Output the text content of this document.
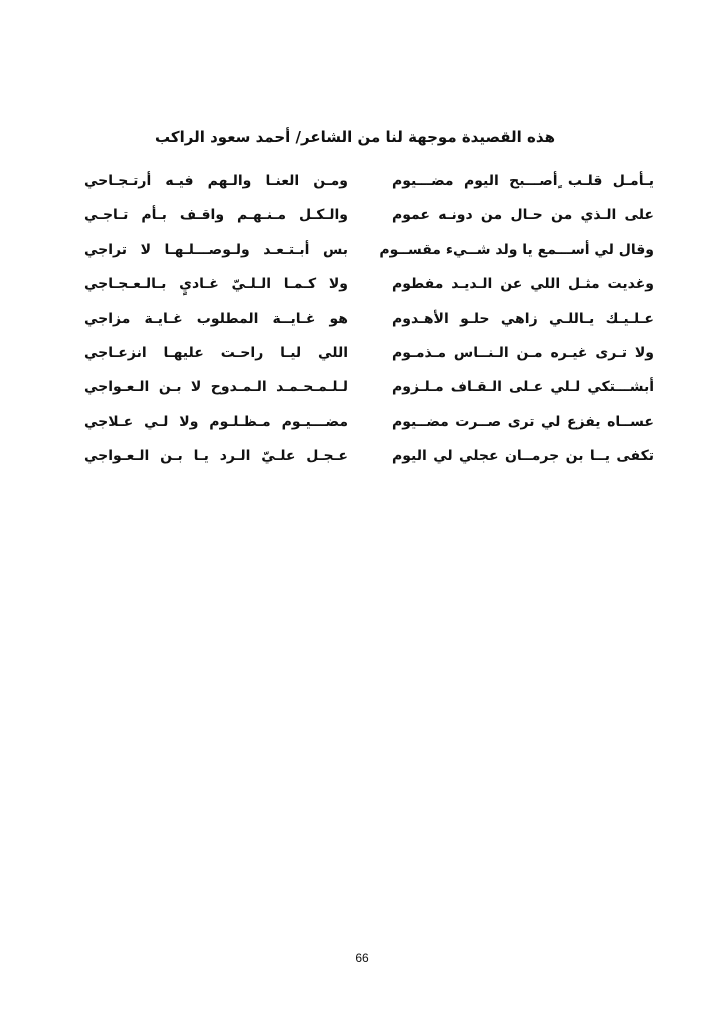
هذه القصيدة موجهة لنا من الشاعر/ أحمد سعود الراكب
يـأمـل قلـب ٍأصـــبح اليوم مضـــيوم
ومـن العنـا والـهم فيـه أرتـجـاحي
على الـذي من حـال من دونـه عموم
والـكـل مـنـهـم واقـف بـأم تـاجـي
وقال لي أســـمع يا ولد شــيء مقســوم
بس أبـتـعـد ولـوصـــلـهـا لا تراجي
وغديت مثـل اللي عن الـديـد مفطوم
ولا كـمـا الـلـيّ غـاديٍ بـالـعـجـاجي
عـلـيـك يـاللـي زاهي حلـو الأهـدوم
هو غـايــة المطلوب غـايـة مزاجي
ولا تـرى غيـره مـن الـنــاس مـذمـوم
اللي ليـا راحـت عليهـا انزعـاجي
أبشـــتكي لـلي عـلى الـقـاف مـلـزوم
لـلـمـحـمـد الـمـدوح لا بـن الـعـواجي
عســاه يفزع لي ترى صــرت مضــيوم
مضـــيـوم مـظـلـوم ولا لـي عـلاجي
تكفى يــا بن جرمــان عجلي لي اليوم
عـجـل علـيّ الـرد يـا بـن الـعـواجي
66
